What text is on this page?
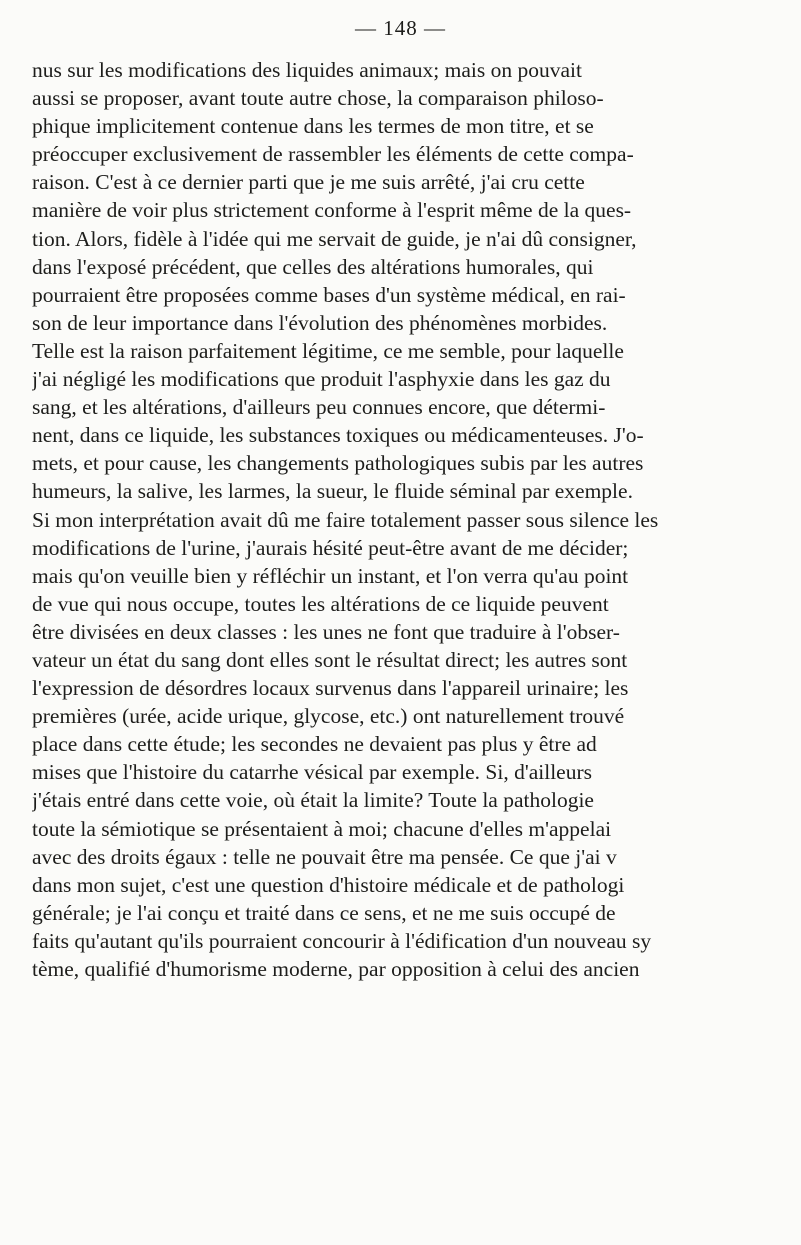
— 148 —
nus sur les modifications des liquides animaux; mais on pouvait
aussi se proposer, avant toute autre chose, la comparaison philoso-
phique implicitement contenue dans les termes de mon titre, et se
préoccuper exclusivement de rassembler les éléments de cette compa-
raison. C'est à ce dernier parti que je me suis arrêté, j'ai cru cette
manière de voir plus strictement conforme à l'esprit même de la ques-
tion. Alors, fidèle à l'idée qui me servait de guide, je n'ai dû consigner,
dans l'exposé précédent, que celles des altérations humorales, qui
pourraient être proposées comme bases d'un système médical, en rai-
son de leur importance dans l'évolution des phénomènes morbides.
Telle est la raison parfaitement légitime, ce me semble, pour laquelle
j'ai négligé les modifications que produit l'asphyxie dans les gaz du
sang, et les altérations, d'ailleurs peu connues encore, que détermi-
nent, dans ce liquide, les substances toxiques ou médicamenteuses. J'o-
mets, et pour cause, les changements pathologiques subis par les autres
humeurs, la salive, les larmes, la sueur, le fluide séminal par exemple.
Si mon interprétation avait dû me faire totalement passer sous silence les
modifications de l'urine, j'aurais hésité peut-être avant de me décider;
mais qu'on veuille bien y réfléchir un instant, et l'on verra qu'au point
de vue qui nous occupe, toutes les altérations de ce liquide peuvent
être divisées en deux classes : les unes ne font que traduire à l'obser-
vateur un état du sang dont elles sont le résultat direct; les autres sont
l'expression de désordres locaux survenus dans l'appareil urinaire; les
premières (urée, acide urique, glycose, etc.) ont naturellement trouvé
place dans cette étude; les secondes ne devaient pas plus y être ad
mises que l'histoire du catarrhe vésical par exemple. Si, d'ailleurs
j'étais entré dans cette voie, où était la limite? Toute la pathologie
toute la sémiotique se présentaient à moi; chacune d'elles m'appelai
avec des droits égaux : telle ne pouvait être ma pensée. Ce que j'ai v
dans mon sujet, c'est une question d'histoire médicale et de pathologi
générale; je l'ai conçu et traité dans ce sens, et ne me suis occupé de
faits qu'autant qu'ils pourraient concourir à l'édification d'un nouveau sy
tème, qualifié d'humorisme moderne, par opposition à celui des ancien
